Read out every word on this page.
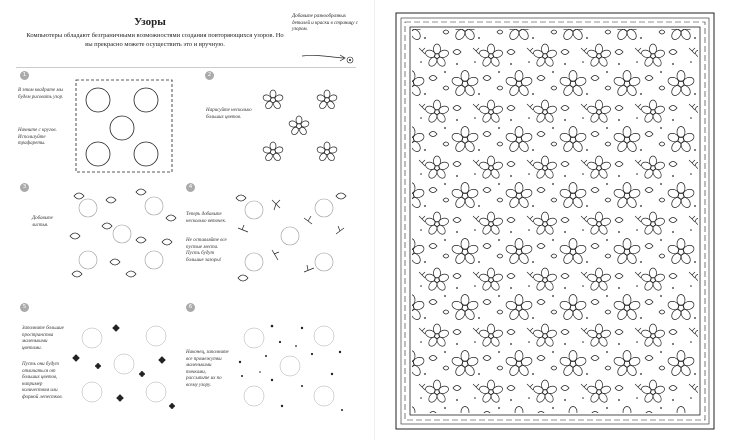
Узоры
Компьютеры обладают безграничными возможностями создания повторяющихся узоров. Но вы прекрасно можете осуществить это и вручную.
Добавьте разнообразных деталей и краски в страницу с узором.
1
В этом квадрате мы будем рисовать узор.
Начните с кругов. Используйте трафареты.
2
Нарисуйте несколько больших цветов.
3
Добавьте листья.
4
Теперь добавьте несколько веточек.
Не оставляйте все пустые места. Пусть будут большие зазоры!
5
Заполните большие пространства маленькими цветами.
Пусть они будут отличаться от больших цветов, например количеством или формой лепестков.
6
Наконец, заполните все промежутки маленькими точками, рассыпьте их по всему узору.
